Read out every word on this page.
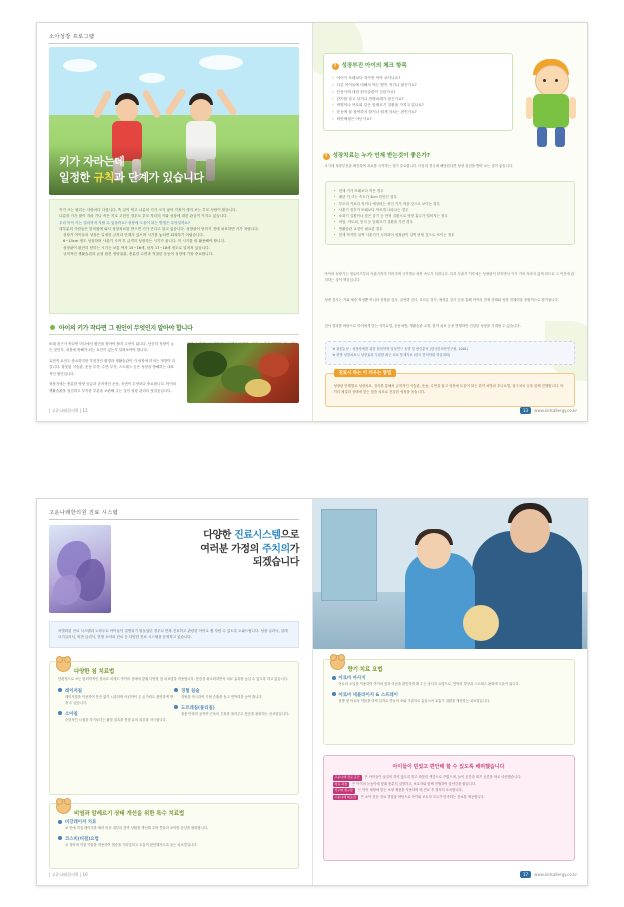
소아성장 프로그램
키가 자라는데
일정한 규칙과 단계가 있습니다
키가 크는 원리는 사람마다 다릅니다. 똑 같이 먹고 나름의 키가 크지 않아 걱정이 생겨 보는 부모 사람이 많습니다.
나름의 키가 많이 자라 가나 작은 키로 고민인 경우도 부모 자녀의 키와 성장에 대한 관심이 커지고 있습니다.
우리 아이 키는 얼마까지 자랄 수 있을까요? 성장에 도움이 되는 방법은 무엇일까요?
대부분의 사람들은 한의원에 와서 성장치료를 받으면 키가 큰다고 알고 있습니다. 성장판이 닫히기 전에 치료하면 키가 자랍니다.
성장기 아이들의 성장은 일정한 규칙과 단계가 있으며 시기를 놓치면 회복하기 어렵습니다.
6~10cm 정도 성장하며 사춘기 시작 후 급격히 성장하는 시기가 옵니다. 이 시기를 잘 활용해야 합니다.
성장판이 완전히 닫히는 시기는 보통 여자 15~16세, 남자 17~18세 정도로 알려져 있습니다.
규칙적인 생활습관과 균형 잡힌 영양섭취, 충분한 수면과 적절한 운동이 성장에 가장 중요합니다.
아이의 키가 작다면 그 원인이 무엇인지 알아야 합니다

또래 친구가 작다면 어디에서 원인을 찾아야 할지 고민이 됩니다. 단순히 성장이 늦은 것인지, 성장에 방해가 되는 요인이 있는지 살펴보아야 합니다.

유전적 요인도 중요하지만 후천적인 환경과 생활습관이 키 성장에 미치는 영향이 더 큽니다. 잘못된 식습관, 운동 부족, 수면 부족, 스트레스 등은 성장을 방해하는 대표적인 원인입니다.

성장기에는 충분한 영양 공급과 규칙적인 운동, 숙면이 무엇보다 중요합니다. 아이의 생활습관을 점검하고 부족한 부분을 보완해 주는 것이 성장 관리의 첫걸음입니다.

| 고운나래한의원 | 12
? 성장부진 아이의 체크 항목
✓ 아이가 또래보다 자꾸만 작아 보이나요?
✓ 다른 아이들에 비해서 먹는 양이 적거나 많은가요?
✓ 단음식에 대한 편식습관이 심한가요?
✓ 감기를 달고 살거나 잔병치레가 잦은가요?
✓ 비염이나 아토피 같은 알레르기 질환을 가지고 있나요?
✓ 운동에 잘 참여하지 않거나 쉽게 지치는 편인가요?
✓ 비만체형은 아닌가요?
? 성장치료는 누가 언제 받는것이 좋은가?
초기에 성장부진을 확인하여 치료를 시작하는 것이 중요합니다. 다음의 경우에 해당한다면 성장 검진을 받아 보는 것이 좋습니다.
• 현재 키가 또래보다 작은 경우
• 매년 키 크는 속도가 4cm 미만인 경우
• 부모의 키보다 작거나 예상되는 성인 키가 작을 것으로 보이는 경우
• 사춘기 징후가 또래보다 이르게 나타나는 경우
• 소화기 질환이나 잦은 감기 등 만성 질환으로 영양 흡수가 떨어지는 경우
• 비염, 아토피, 천식 등 알레르기 질환을 가진 경우
• 생활습관 교정이 필요한 경우
• 현재 작지만 일찍 사춘기가 시작되어 성장판이 일찍 닫힐 것으로 보이는 경우
아이의 성장기는 영유아기부터 사춘기까지 이어지며 시기별로 성장 속도가 다릅니다. 특히 사춘기 이후에는 성장판이 닫히면서 키가 거의 자라지 않게 되므로 그 이전에 관리하는 것이 핵심입니다.
성장 검사는 키와 체중 측정뿐 아니라 성장판 검사, 골연령 검사, 호르몬 검사, 체성분 검사 등을 통해 아이의 현재 상태와 성장 잠재력을 종합적으로 평가합니다.
검사 결과를 바탕으로 아이에게 맞는 식이요법, 운동처방, 생활습관 교정, 한약 치료 등을 병행하면 건강한 성장을 기대할 수 있습니다.
※ 관련논문 : 성장장애를 위한 한의학적 임상연구 동향 및 변증분석 (한국한의학연구원, 2001)
※ 한방 성장치료시 성장효과 뚜렷함 최근 치료 통계자료 (한국 한의학회 학술대회)
진료시 하는 키 키우는 방법
성장판 단계별로 성장치료, 검사를 통해서 규칙적인 식습관, 운동, 수면을 잡고 성장에 도움이 되는 한약 처방과 추나요법, 침구치료 등을 함께 진행합니다. 아이의 체질과 상태에 맞는 맞춤 치료로 건강한 성장을 돕습니다.
13 www.kidsallergy.co.kr
고운나래한의원 진료 시스템
다양한 진료시스템으로
여러분 가정의 주치의가
되겠습니다
차별화된 진료 시스템과 노하우로 아이들이 질병치기 힘들었던 경우나 반복 진료하고 관련한 아이로 찔 자람 수 있도록 도와드립니다. 성장 클리닉, 알레르기클리닉, 비만 클리닉, 한방 소아과 진료 등 다양한 진료 시스템을 운영하고 있습니다.
다양한 침 치료법
단편적으로 쓰는 한의학적인 침치료 외에도 아이의 상태에 맞춰 다양한 침 치료법을 적용합니다. 통증을 최소화하면서 치료 효과를 높일 수 있도록 하고 있습니다.

레이저침

레이저빔을 이용하여 통증 없이 시술하며 어린아이 온 손가락도 편안하게 받을 수 있습니다.

소아침

순한적인 시침을 하기보다는 활법 접촉을 통한 유의 피부를 자극합니다.

경혈 침술

경혈을 자극하여 기혈 순환을 돕고 면역력을 높여 줍니다.

도르레침(물리침)

침을 반복하 움직여 근육의 긴장을 풀어주고 통증을 완화하는 치료법입니다.

비염과 알레르기 상태 개선을 위한 특수 치료법

비강레이저 치료

코 안에 직접 레이저를 쬐어 비강 내부의 점막 상태를 개선해 주며 콧물과 코막힘 증상을 완화합니다.

코스비(비점)요법

코 점막에 직접 약물을 적용하여 염증을 가라앉히고 호흡이 편안해지도록 돕는 치료법입니다.

| 고운나래한의원 | 16
향기 치료 요법

아로마 마사지

아로마 오일을 이용하여 아이의 몸과 마음을 편안하게 해 주는 마사지 요법으로, 면역력 향상과 스트레스 완화에 도움이 됩니다.

아로마 네블라이저 & 스프레이

한방 및 아로마 약물을 미세 입자로 만들어 코와 기관지로 흡입시켜 호흡기 질환을 개선하는 치료법입니다.

아이들이 믿었고 편안해 할 수 있도록 배려했습니다
고운나래 진료 공간 은 아이들이 낯설어 하지 않도록 밝고 따뜻한 색감으로 꾸몄으며, 놀이 공간과 대기 공간을 따로 마련했습니다.
치료 과정 은 아이의 눈높이에 맞춰 충분히 설명하고, 보호자와 함께 진행하여 불안감을 줄입니다.
기구와 침구류 는 아이 체형에 맞는 소형 제품을 사용하며 매 진료 후 철저히 소독합니다.
고운나래 의료진 은 소아 전문 진료 경험을 바탕으로 아이와 보호자 모두가 만족하는 진료를 제공합니다.
17 www.kidsallergy.co.kr
